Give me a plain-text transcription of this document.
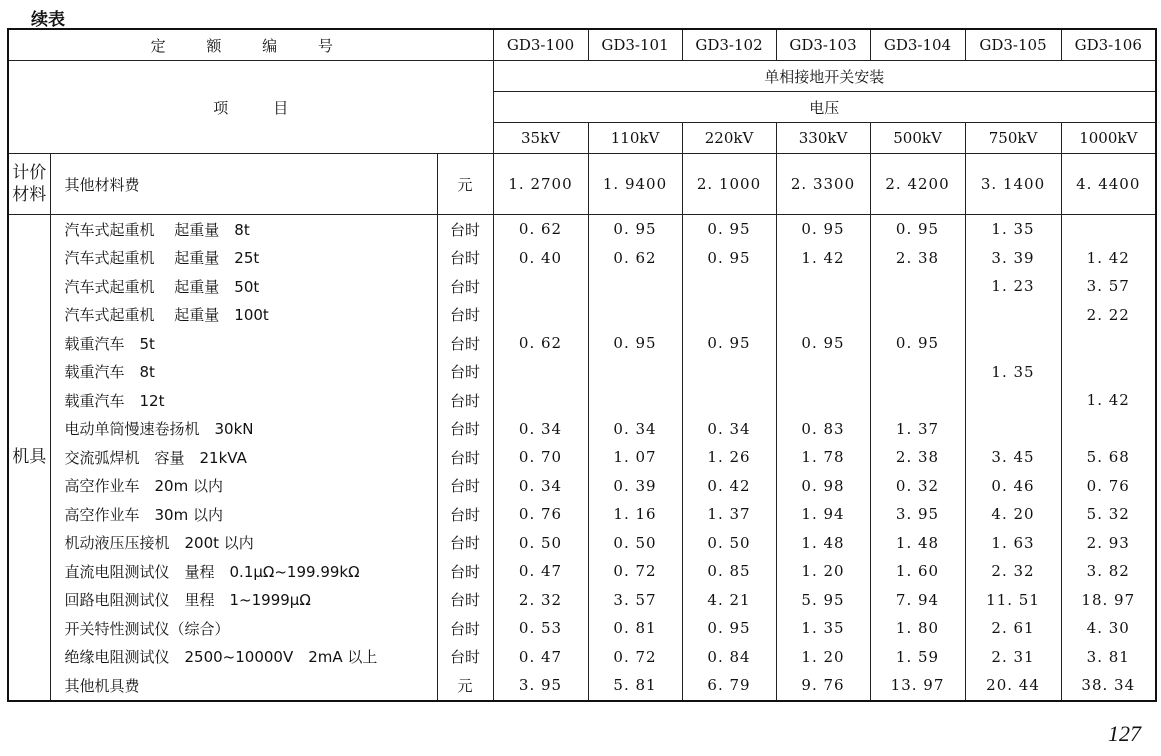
续表
定 额 编 号			GD3-100	GD3-101	GD3-102	GD3-103	GD3-104	GD3-105	GD3-106
项　　　目			单相接地开关安装						
			电压						
			35kV	110kV	220kV	330kV	500kV	750kV	1000kV
计价材料	其他材料费	元	1. 2700	1. 9400	2. 1000	2. 3300	2. 4200	3. 1400	4. 4400
机具	汽车式起重机　 起重量　8t	台时	0. 62	0. 95	0. 95	0. 95	0. 95	1. 35	
	汽车式起重机　 起重量　25t	台时	0. 40	0. 62	0. 95	1. 42	2. 38	3. 39	1. 42
	汽车式起重机　 起重量　50t	台时						1. 23	3. 57
	汽车式起重机　 起重量　100t	台时							2. 22
	载重汽车　5t	台时	0. 62	0. 95	0. 95	0. 95	0. 95		
	载重汽车　8t	台时						1. 35	
	载重汽车　12t	台时							1. 42
	电动单筒慢速卷扬机　30kN	台时	0. 34	0. 34	0. 34	0. 83	1. 37		
	交流弧焊机　容量　21kVA	台时	0. 70	1. 07	1. 26	1. 78	2. 38	3. 45	5. 68
	高空作业车　20m 以内	台时	0. 34	0. 39	0. 42	0. 98	0. 32	0. 46	0. 76
	高空作业车　30m 以内	台时	0. 76	1. 16	1. 37	1. 94	3. 95	4. 20	5. 32
	机动液压压接机　200t 以内	台时	0. 50	0. 50	0. 50	1. 48	1. 48	1. 63	2. 93
	直流电阻测试仪　量程　0.1μΩ~199.99kΩ	台时	0. 47	0. 72	0. 85	1. 20	1. 60	2. 32	3. 82
	回路电阻测试仪　里程　1~1999μΩ	台时	2. 32	3. 57	4. 21	5. 95	7. 94	11. 51	18. 97
	开关特性测试仪（综合）	台时	0. 53	0. 81	0. 95	1. 35	1. 80	2. 61	4. 30
	绝缘电阻测试仪　2500~10000V　2mA 以上	台时	0. 47	0. 72	0. 84	1. 20	1. 59	2. 31	3. 81
	其他机具费	元	3. 95	5. 81	6. 79	9. 76	13. 97	20. 44	38. 34
127
